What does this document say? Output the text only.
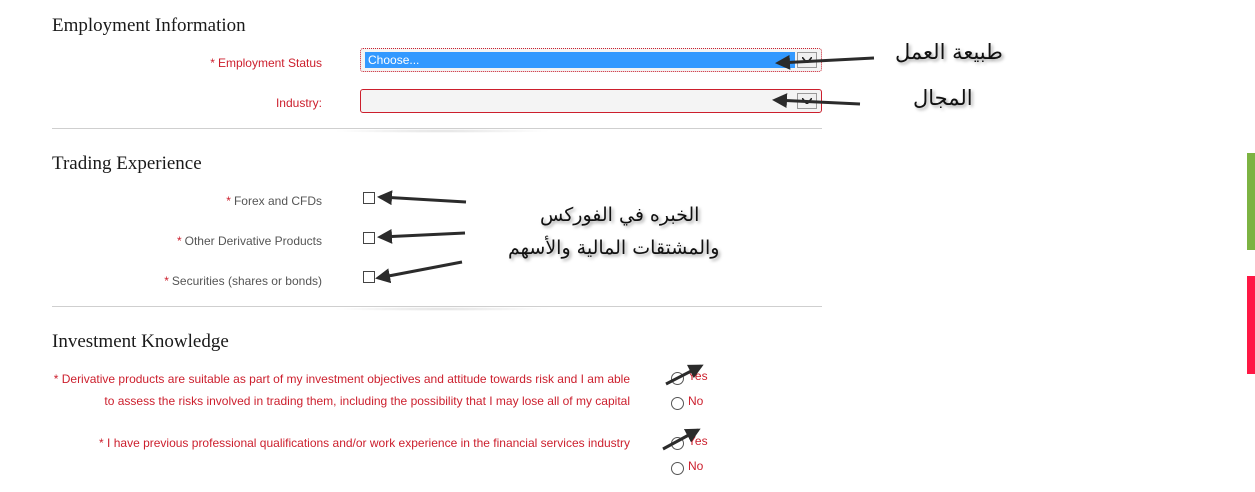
Employment Information
* Employment Status	Choose...
Industry:
Trading Experience
* Forex and CFDs
* Other Derivative Products
* Securities (shares or bonds)
Investment Knowledge
* Derivative products are suitable as part of my investment objectives and attitude towards risk and I am able
to assess the risks involved in trading them, including the possibility that I may lose all of my capital
Yes
No
* I have previous professional qualifications and/or work experience in the financial services industry	Yes
No
طبيعة العمل
المجال
الخبره في الفوركس
والمشتقات المالية والأسهم
